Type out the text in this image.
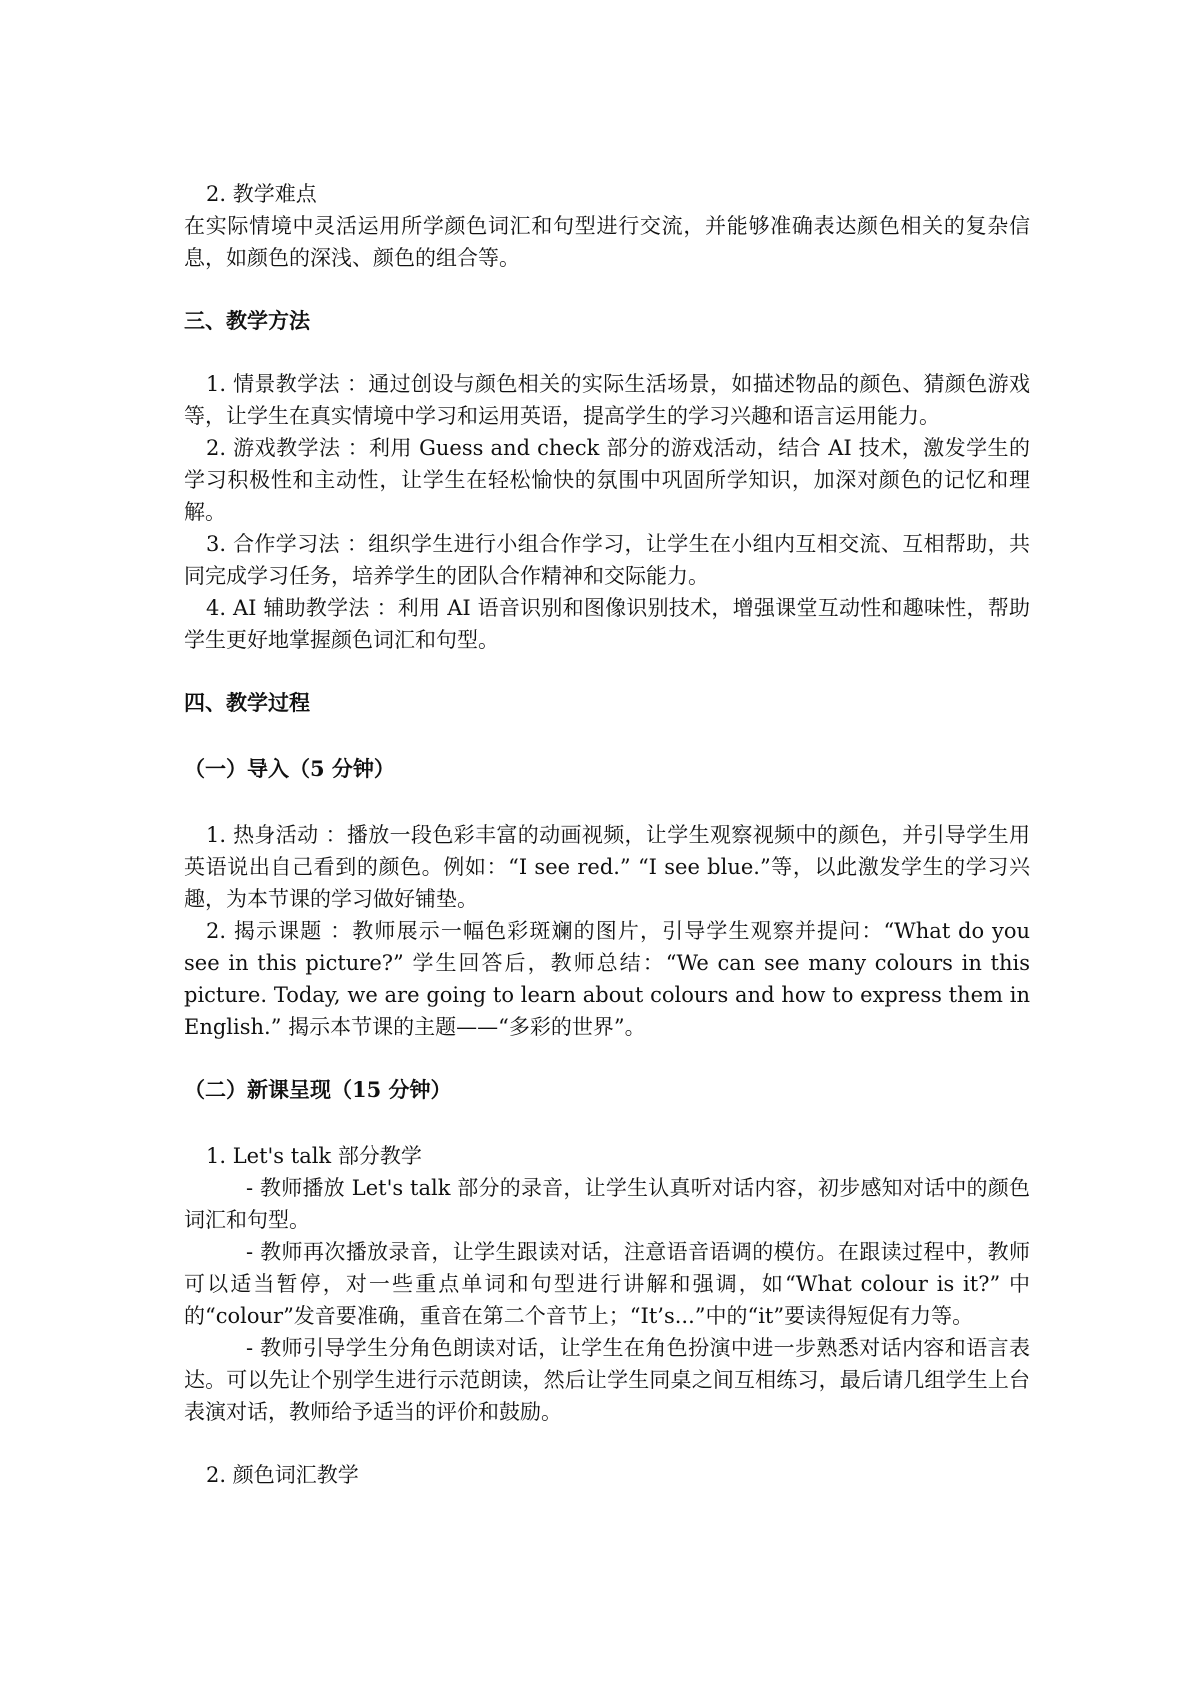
2. 教学难点

在实际情境中灵活运用所学颜色词汇和句型进行交流，并能够准确表达颜色相关的复杂信息，如颜色的深浅、颜色的组合等。

三、教学方法

1. 情景教学法 ：通过创设与颜色相关的实际生活场景，如描述物品的颜色、猜颜色游戏等，让学生在真实情境中学习和运用英语，提高学生的学习兴趣和语言运用能力。

2. 游戏教学法 ：利用 Guess and check 部分的游戏活动，结合 AI 技术，激发学生的学习积极性和主动性，让学生在轻松愉快的氛围中巩固所学知识，加深对颜色的记忆和理解。

3. 合作学习法 ：组织学生进行小组合作学习，让学生在小组内互相交流、互相帮助，共同完成学习任务，培养学生的团队合作精神和交际能力。

4. AI 辅助教学法 ：利用 AI 语音识别和图像识别技术，增强课堂互动性和趣味性，帮助学生更好地掌握颜色词汇和句型。

四、教学过程
（一）导入（5 分钟）

1. 热身活动 ：播放一段色彩丰富的动画视频，让学生观察视频中的颜色，并引导学生用英语说出自己看到的颜色。例如：“I see red.” “I see blue.”等，以此激发学生的学习兴趣，为本节课的学习做好铺垫。

2. 揭示课题 ：教师展示一幅色彩斑斓的图片，引导学生观察并提问：“What do you see in this picture?” 学生回答后，教师总结：“We can see many colours in this picture. Today, we are going to learn about colours and how to express them in English.” 揭示本节课的主题——“多彩的世界”。

（二）新课呈现（15 分钟）

1. Let's talk 部分教学

- 教师播放 Let's talk 部分的录音，让学生认真听对话内容，初步感知对话中的颜色词汇和句型。

- 教师再次播放录音，让学生跟读对话，注意语音语调的模仿。在跟读过程中，教师可以适当暂停，对一些重点单词和句型进行讲解和强调，如“What colour is it?” 中的“colour”发音要准确，重音在第二个音节上；“It’s...”中的“it”要读得短促有力等。

- 教师引导学生分角色朗读对话，让学生在角色扮演中进一步熟悉对话内容和语言表达。可以先让个别学生进行示范朗读，然后让学生同桌之间互相练习，最后请几组学生上台表演对话，教师给予适当的评价和鼓励。

2. 颜色词汇教学
